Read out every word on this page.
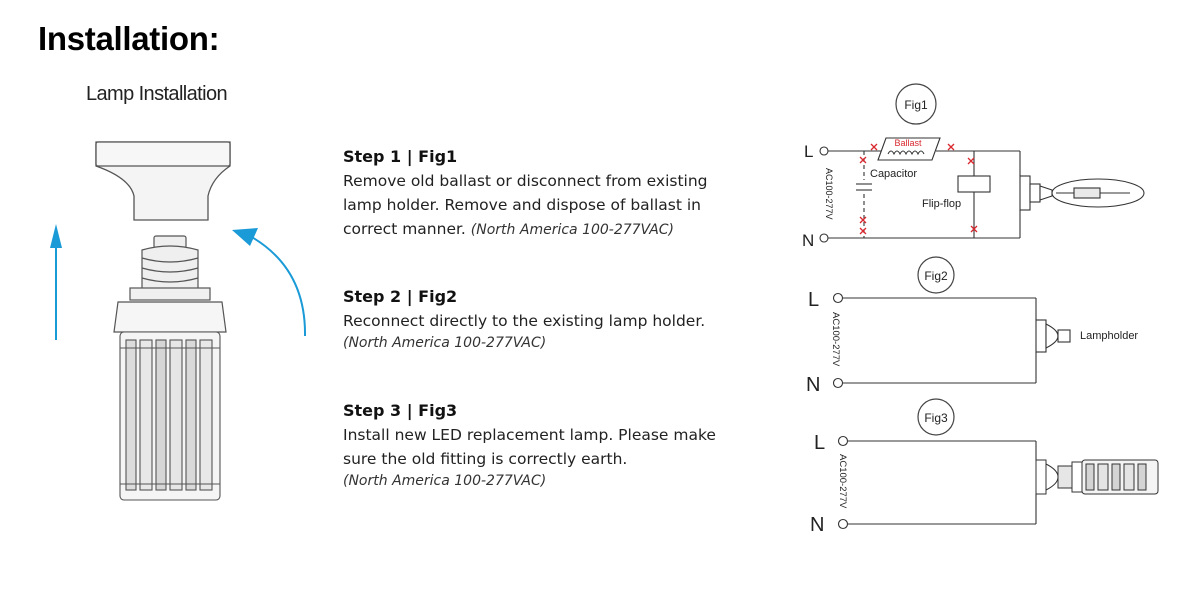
Installation:
Lamp Installation
Step 1 | Fig1
Remove old ballast or disconnect from existing
lamp holder. Remove and dispose of ballast in
correct manner. (North America 100-277VAC)
Step 2 | Fig2
Reconnect directly to the existing lamp holder.
(North America 100-277VAC)
Step 3 | Fig3
Install new LED replacement lamp. Please make
sure the old fitting is correctly earth.
(North America 100-277VAC)
Fig1
L
N
AC100-277V
Ballast
Capacitor
Flip-flop
Fig2
L
N
AC100-277V	Lampholder
Fig3
L
N
AC100-277V
